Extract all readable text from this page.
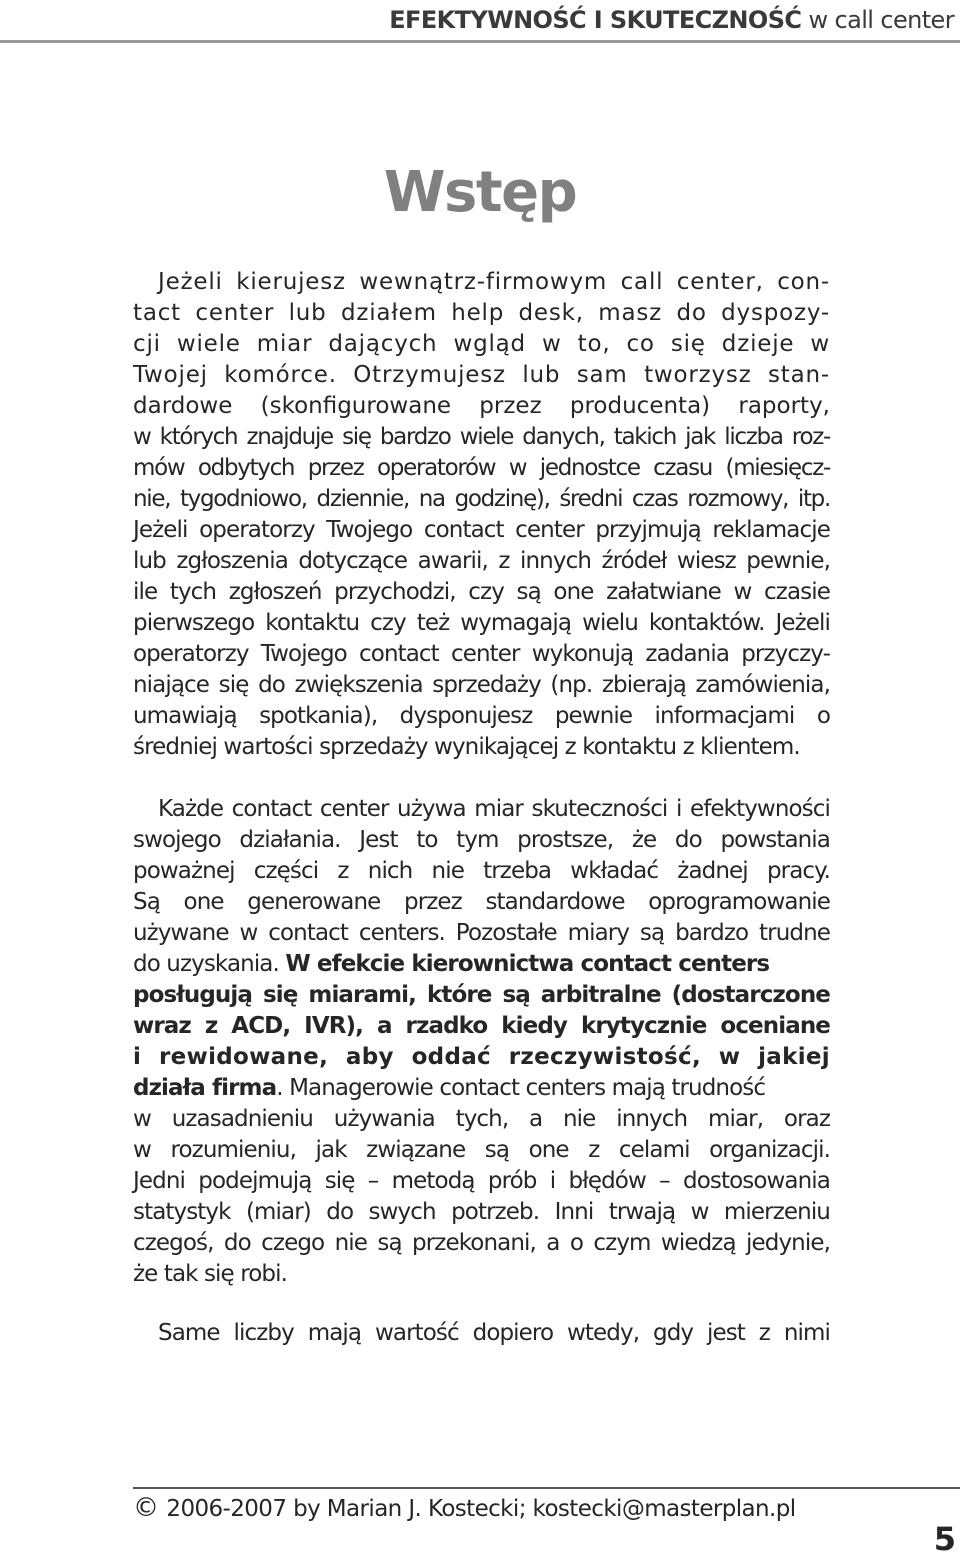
EFEKTYWNOŚĆ I SKUTECZNOŚĆ w call center
Wstęp
Jeżeli kierujesz wewnątrz-firmowym call center, con-
tact center lub działem help desk, masz do dyspozy-
cji wiele miar dających wgląd w to, co się dzieje w
Twojej komórce. Otrzymujesz lub sam tworzysz stan-
dardowe (skonfigurowane przez producenta) raporty,
w których znajduje się bardzo wiele danych, takich jak liczba roz-
mów odbytych przez operatorów w jednostce czasu (miesięcz-
nie, tygodniowo, dziennie, na godzinę), średni czas rozmowy, itp.
Jeżeli operatorzy Twojego contact center przyjmują reklamacje
lub zgłoszenia dotyczące awarii, z innych źródeł wiesz pewnie,
ile tych zgłoszeń przychodzi, czy są one załatwiane w czasie
pierwszego kontaktu czy też wymagają wielu kontaktów. Jeżeli
operatorzy Twojego contact center wykonują zadania przyczy-
niające się do zwiększenia sprzedaży (np. zbierają zamówienia,
umawiają spotkania), dysponujesz pewnie informacjami o
średniej wartości sprzedaży wynikającej z kontaktu z klientem.
Każde contact center używa miar skuteczności i efektywności
swojego działania. Jest to tym prostsze, że do powstania
poważnej części z nich nie trzeba wkładać żadnej pracy.
Są one generowane przez standardowe oprogramowanie
używane w contact centers. Pozostałe miary są bardzo trudne
do uzyskania. W efekcie kierownictwa contact centers
posługują się miarami, które są arbitralne (dostarczone
wraz z ACD, IVR), a rzadko kiedy krytycznie oceniane
i rewidowane, aby oddać rzeczywistość, w jakiej
działa firma. Managerowie contact centers mają trudność
w uzasadnieniu używania tych, a nie innych miar, oraz
w rozumieniu, jak związane są one z celami organizacji.
Jedni podejmują się – metodą prób i błędów – dostosowania
statystyk (miar) do swych potrzeb. Inni trwają w mierzeniu
czegoś, do czego nie są przekonani, a o czym wiedzą jedynie,
że tak się robi.
Same liczby mają wartość dopiero wtedy, gdy jest z nimi
© 2006-2007 by Marian J. Kostecki; kostecki@masterplan.pl
5
